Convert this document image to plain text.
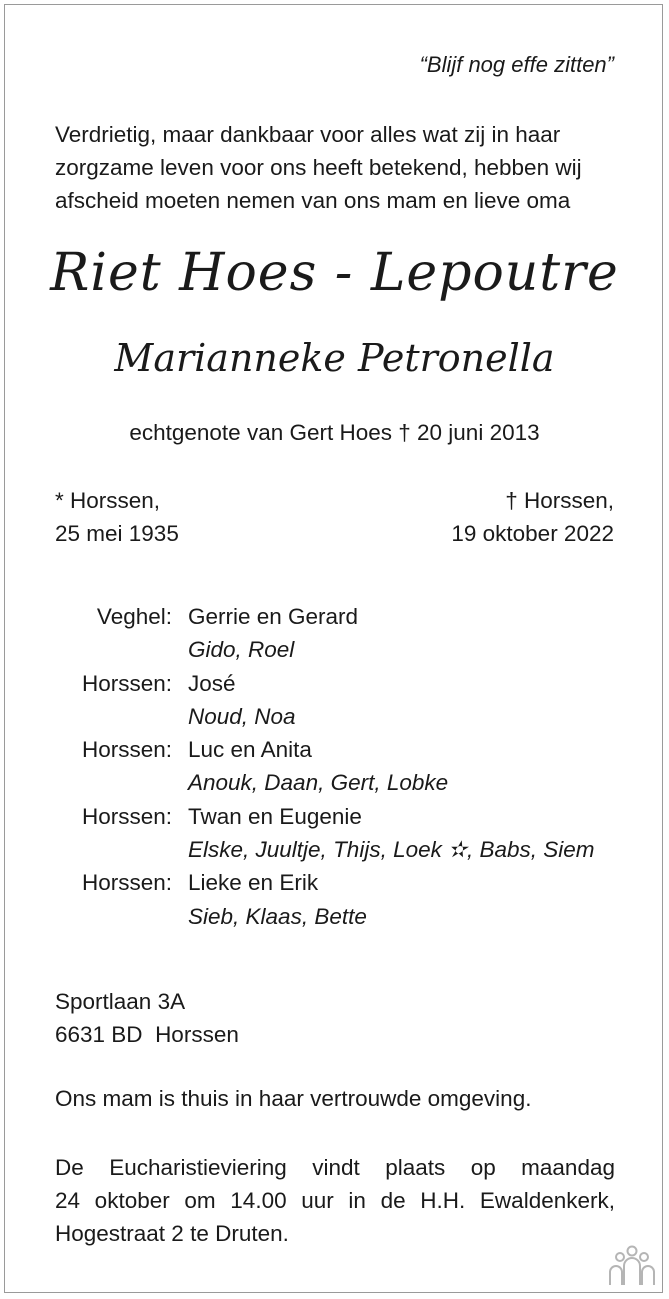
“Blijf nog effe zitten”

Verdrietig, maar dankbaar voor alles wat zij in haar
zorgzame leven voor ons heeft betekend, hebben wij
afscheid moeten nemen van ons mam en lieve oma

Riet Hoes - Lepoutre

Marianneke Petronella

echtgenote van Gert Hoes † 20 juni 2013

* Horssen,
25 mei 1935
† Horssen,
19 oktober 2022
Veghel: Gerrie en Gerard
Gido, Roel
Horssen: José
Noud, Noa
Horssen: Luc en Anita
Anouk, Daan, Gert, Lobke
Horssen: Twan en Eugenie
Elske, Juultje, Thijs, Loek ✫, Babs, Siem
Horssen: Lieke en Erik
Sieb, Klaas, Bette
Sportlaan 3A
6631 BD  Horssen

Ons mam is thuis in haar vertrouwde omgeving.

De Eucharistieviering vindt plaats op maandag
24 oktober om 14.00 uur in de H.H. Ewaldenkerk,
Hogestraat 2 te Druten.
